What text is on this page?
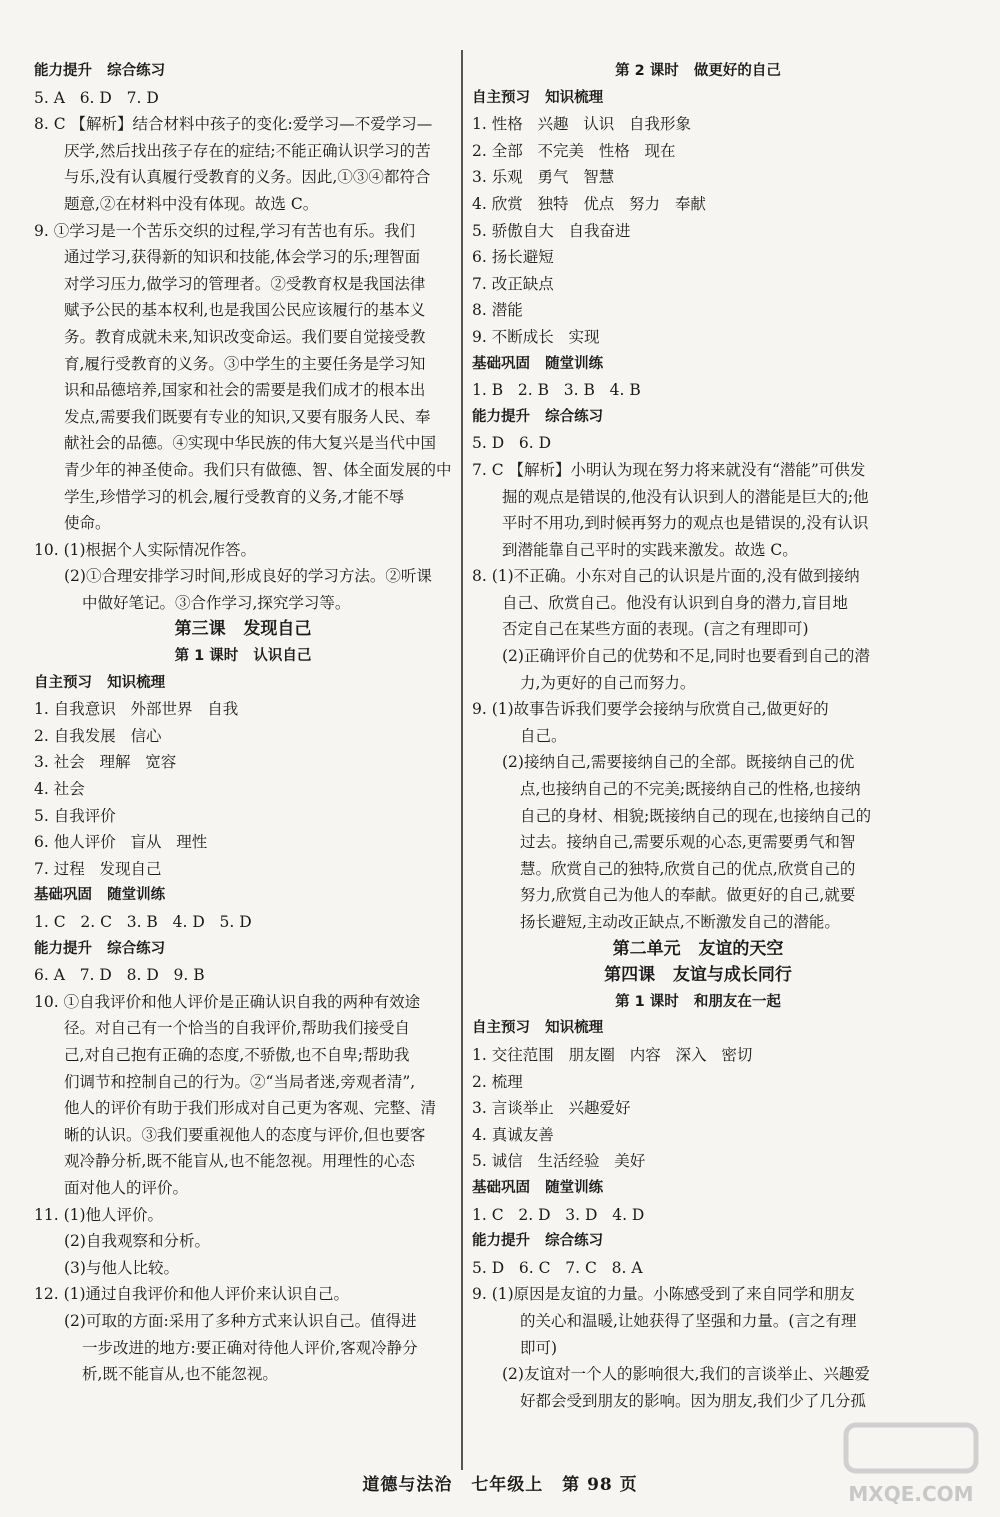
能力提升   综合练习
5. A   6. D   7. D
8. C 【解析】结合材料中孩子的变化:爱学习—不爱学习—
厌学,然后找出孩子存在的症结;不能正确认识学习的苦
与乐,没有认真履行受教育的义务。因此,①③④都符合
题意,②在材料中没有体现。故选 C。
9. ①学习是一个苦乐交织的过程,学习有苦也有乐。我们
通过学习,获得新的知识和技能,体会学习的乐;理智面
对学习压力,做学习的管理者。②受教育权是我国法律
赋予公民的基本权利,也是我国公民应该履行的基本义
务。教育成就未来,知识改变命运。我们要自觉接受教
育,履行受教育的义务。③中学生的主要任务是学习知
识和品德培养,国家和社会的需要是我们成才的根本出
发点,需要我们既要有专业的知识,又要有服务人民、奉
献社会的品德。④实现中华民族的伟大复兴是当代中国
青少年的神圣使命。我们只有做德、智、体全面发展的中
学生,珍惜学习的机会,履行受教育的义务,才能不辱
使命。
10. (1)根据个人实际情况作答。
(2)①合理安排学习时间,形成良好的学习方法。②听课
中做好笔记。③合作学习,探究学习等。
第三课   发现自己
第 1 课时   认识自己
自主预习   知识梳理
1. 自我意识   外部世界   自我
2. 自我发展   信心
3. 社会   理解   宽容
4. 社会
5. 自我评价
6. 他人评价   盲从   理性
7. 过程   发现自己
基础巩固   随堂训练
1. C   2. C   3. B   4. D   5. D
能力提升   综合练习
6. A   7. D   8. D   9. B
10. ①自我评价和他人评价是正确认识自我的两种有效途
径。对自己有一个恰当的自我评价,帮助我们接受自
己,对自己抱有正确的态度,不骄傲,也不自卑;帮助我
们调节和控制自己的行为。②“当局者迷,旁观者清”,
他人的评价有助于我们形成对自己更为客观、完整、清
晰的认识。③我们要重视他人的态度与评价,但也要客
观冷静分析,既不能盲从,也不能忽视。用理性的心态
面对他人的评价。
11. (1)他人评价。
(2)自我观察和分析。
(3)与他人比较。
12. (1)通过自我评价和他人评价来认识自己。
(2)可取的方面:采用了多种方式来认识自己。值得进
一步改进的地方:要正确对待他人评价,客观冷静分
析,既不能盲从,也不能忽视。
第 2 课时   做更好的自己
自主预习   知识梳理
1. 性格   兴趣   认识   自我形象
2. 全部   不完美   性格   现在
3. 乐观   勇气   智慧
4. 欣赏   独特   优点   努力   奉献
5. 骄傲自大   自我奋进
6. 扬长避短
7. 改正缺点
8. 潜能
9. 不断成长   实现
基础巩固   随堂训练
1. B   2. B   3. B   4. B
能力提升   综合练习
5. D   6. D
7. C 【解析】小明认为现在努力将来就没有“潜能”可供发
掘的观点是错误的,他没有认识到人的潜能是巨大的;他
平时不用功,到时候再努力的观点也是错误的,没有认识
到潜能靠自己平时的实践来激发。故选 C。
8. (1)不正确。小东对自己的认识是片面的,没有做到接纳
自己、欣赏自己。他没有认识到自身的潜力,盲目地
否定自己在某些方面的表现。(言之有理即可)
(2)正确评价自己的优势和不足,同时也要看到自己的潜
力,为更好的自己而努力。
9. (1)故事告诉我们要学会接纳与欣赏自己,做更好的
自己。
(2)接纳自己,需要接纳自己的全部。既接纳自己的优
点,也接纳自己的不完美;既接纳自己的性格,也接纳
自己的身材、相貌;既接纳自己的现在,也接纳自己的
过去。接纳自己,需要乐观的心态,更需要勇气和智
慧。欣赏自己的独特,欣赏自己的优点,欣赏自己的
努力,欣赏自己为他人的奉献。做更好的自己,就要
扬长避短,主动改正缺点,不断激发自己的潜能。
第二单元   友谊的天空
第四课   友谊与成长同行
第 1 课时   和朋友在一起
自主预习   知识梳理
1. 交往范围   朋友圈   内容   深入   密切
2. 梳理
3. 言谈举止   兴趣爱好
4. 真诚友善
5. 诚信   生活经验   美好
基础巩固   随堂训练
1. C   2. D   3. D   4. D
能力提升   综合练习
5. D   6. C   7. C   8. A
9. (1)原因是友谊的力量。小陈感受到了来自同学和朋友
的关心和温暖,让她获得了坚强和力量。(言之有理
即可)
(2)友谊对一个人的影响很大,我们的言谈举止、兴趣爱
好都会受到朋友的影响。因为朋友,我们少了几分孤
道德与法治 七年级上 第 98 页	MXQE.COM
